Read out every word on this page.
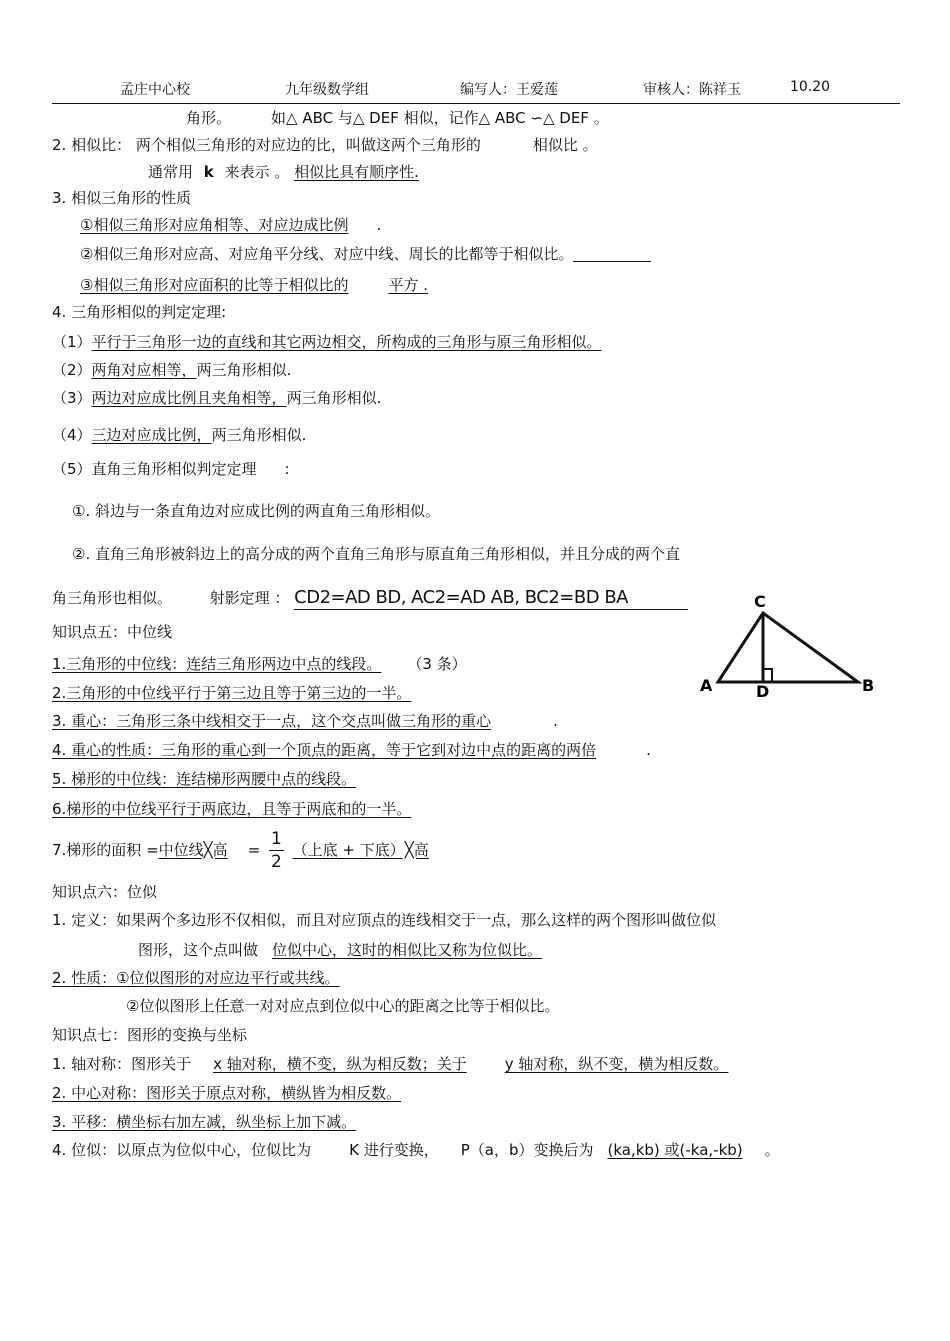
孟庄中心校	九年级数学组	编写人：王爱莲	审核人：陈祥玉	10.20
角形。	如△ ABC 与△ DEF 相似，记作△ ABC ∽△ DEF 。
2. 相似比： 两个相似三角形的对应边的比，叫做这两个三角形的	相似比 。
通常用 k 来表示 。 相似比具有顺序性.
3. 相似三角形的性质
①相似三角形对应角相等、对应边成比例 .
②相似三角形对应高、对应角平分线、对应中线、周长的比都等于相似比。
③相似三角形对应面积的比等于相似比的	平方 .
4. 三角形相似的判定定理:
（1）平行于三角形一边的直线和其它两边相交，所构成的三角形与原三角形相似。
（2）两角对应相等，两三角形相似.
（3）两边对应成比例且夹角相等，两三角形相似.
（4）三边对应成比例，两三角形相似.
（5）直角三角形相似判定定理 :
①. 斜边与一条直角边对应成比例的两直角三角形相似。
②. 直角三角形被斜边上的高分成的两个直角三角形与原直角三角形相似，并且分成的两个直
角三角形也相似。	射影定理 ： CD2=AD BD, AC2=AD AB, BC2=BD BA	C
A	D	B
知识点五：中位线
1.三角形的中位线：连结三角形两边中点的线段。 （3 条）
2.三角形的中位线平行于第三边且等于第三边的一半。
3. 重心：三角形三条中线相交于一点，这个交点叫做三角形的重心	.
4. 重心的性质：三角形的重心到一个顶点的距离，等于它到对边中点的距离的两倍	.
5. 梯形的中位线：连结梯形两腰中点的线段。
6.梯形的中位线平行于两底边，且等于两底和的一半。
7.梯形的面积 =中位线╳高 = $\frac{1}{2}$ （上底 + 下底）╳高
知识点六：位似
1. 定义：如果两个多边形不仅相似，而且对应顶点的连线相交于一点，那么这样的两个图形叫做位似
图形，这个点叫做 位似中心，这时的相似比又称为位似比。
2. 性质：①位似图形的对应边平行或共线。
②位似图形上任意一对对应点到位似中心的距离之比等于相似比。
知识点七：图形的变换与坐标
1. 轴对称：图形关于 x 轴对称，横不变，纵为相反数；关于	y 轴对称，纵不变，横为相反数。
2. 中心对称：图形关于原点对称，横纵皆为相反数。
3. 平移：横坐标右加左减，纵坐标上加下减。
4. 位似：以原点为位似中心，位似比为	K 进行变换， P（a，b）变换后为 (ka,kb) 或(-ka,-kb) 。
